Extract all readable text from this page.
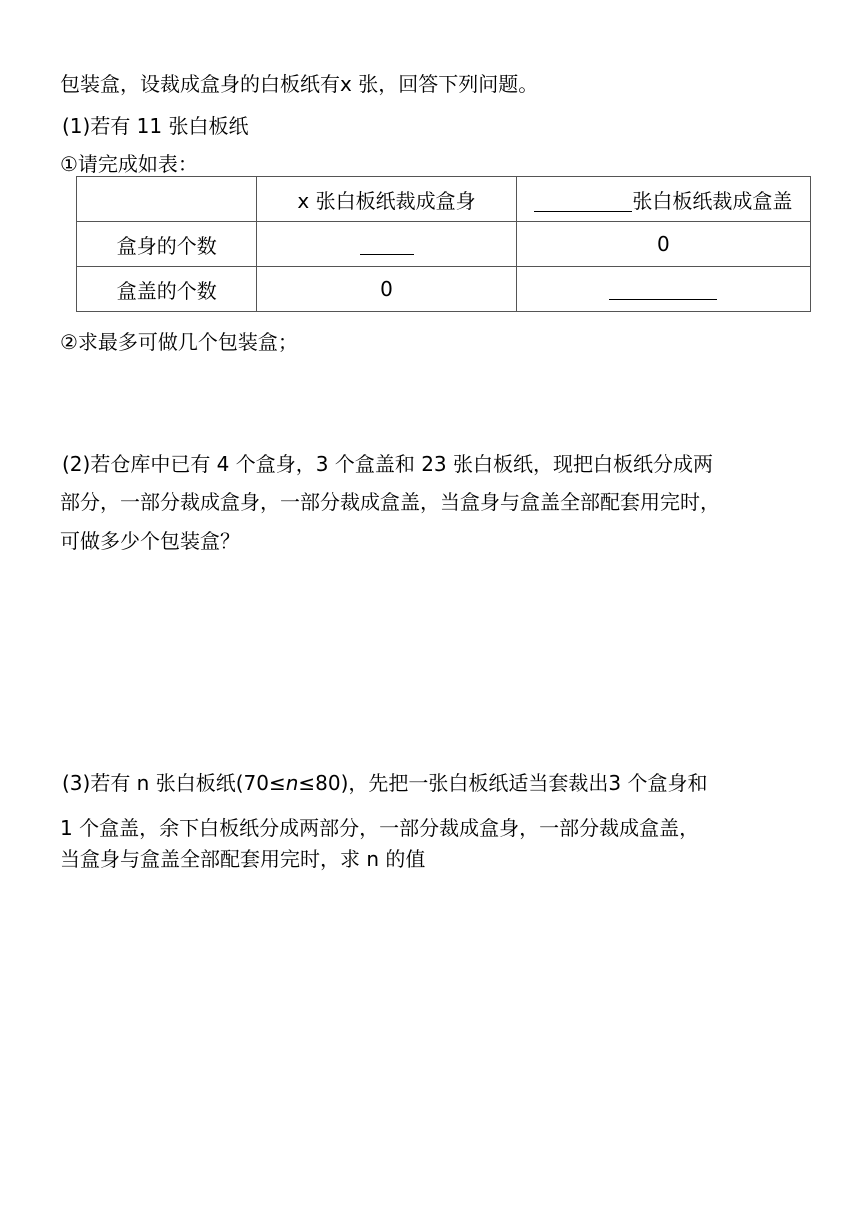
包装盒，设裁成盒身的白板纸有x 张，回答下列问题。
(1)若有 11 张白板纸
①请完成如表：
	x 张白板纸裁成盒身	张白板纸裁成盒盖
盒身的个数		0
盒盖的个数	0	
②求最多可做几个包装盒；
(2)若仓库中已有 4 个盒身，3 个盒盖和 23 张白板纸，现把白板纸分成两
部分，一部分裁成盒身，一部分裁成盒盖，当盒身与盒盖全部配套用完时，
可做多少个包装盒？
(3)若有 n 张白板纸(70≤n≤80)，先把一张白板纸适当套裁出3 个盒身和
1 个盒盖，余下白板纸分成两部分，一部分裁成盒身，一部分裁成盒盖，
当盒身与盒盖全部配套用完时，求 n 的值
